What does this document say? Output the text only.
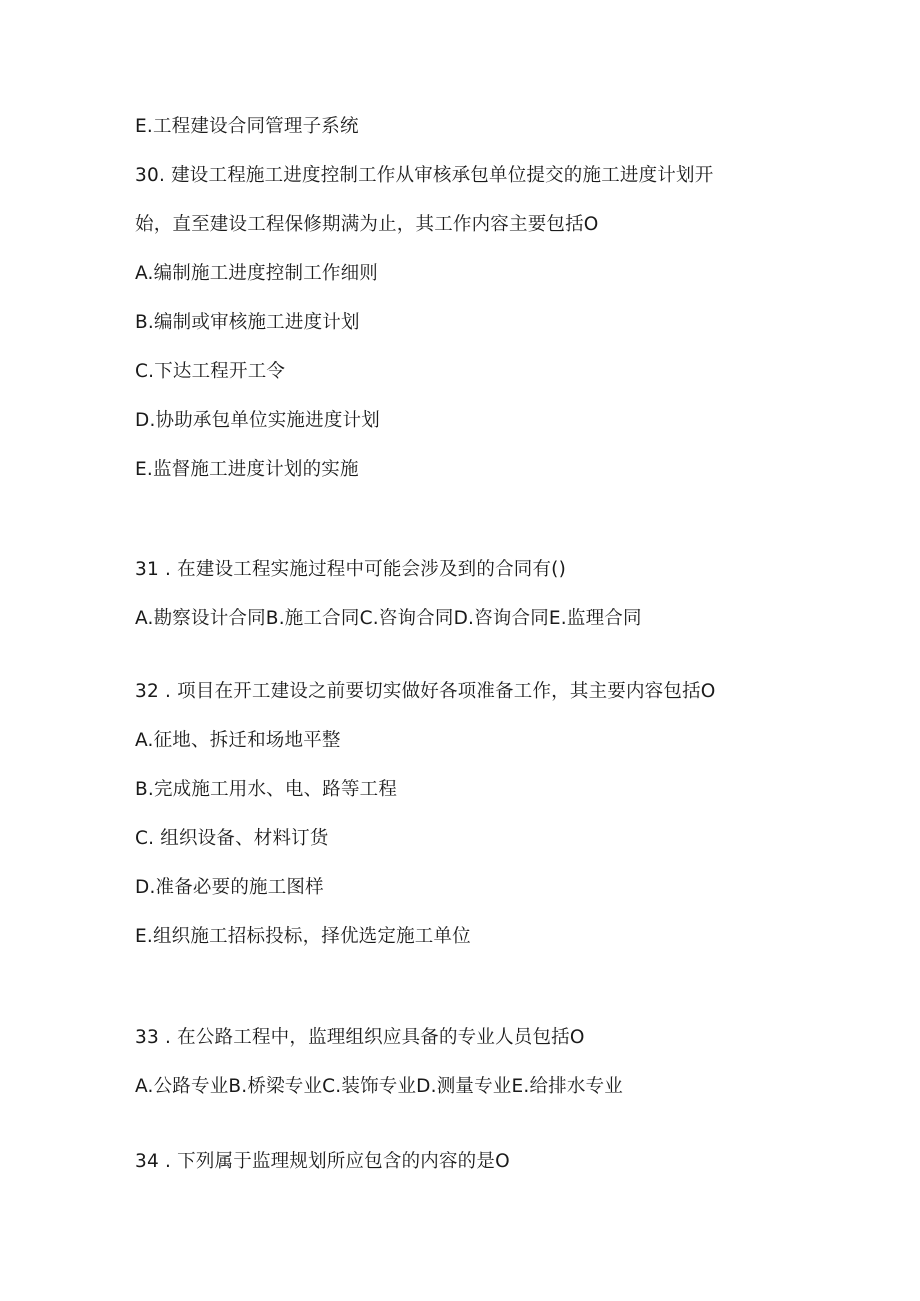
E.工程建设合同管理子系统
30. 建设工程施工进度控制工作从审核承包单位提交的施工进度计划开
始，直至建设工程保修期满为止，其工作内容主要包括O
A.编制施工进度控制工作细则
B.编制或审核施工进度计划
C.下达工程开工令
D.协助承包单位实施进度计划
E.监督施工进度计划的实施
31 . 在建设工程实施过程中可能会涉及到的合同有()
A.勘察设计合同B.施工合同C.咨询合同D.咨询合同E.监理合同
32 . 项目在开工建设之前要切实做好各项准备工作，其主要内容包括O
A.征地、拆迁和场地平整
B.完成施工用水、电、路等工程
C. 组织设备、材料订货
D.准备必要的施工图样
E.组织施工招标投标，择优选定施工单位
33 . 在公路工程中，监理组织应具备的专业人员包括O
A.公路专业B.桥梁专业C.装饰专业D.测量专业E.给排水专业
34 . 下列属于监理规划所应包含的内容的是O
